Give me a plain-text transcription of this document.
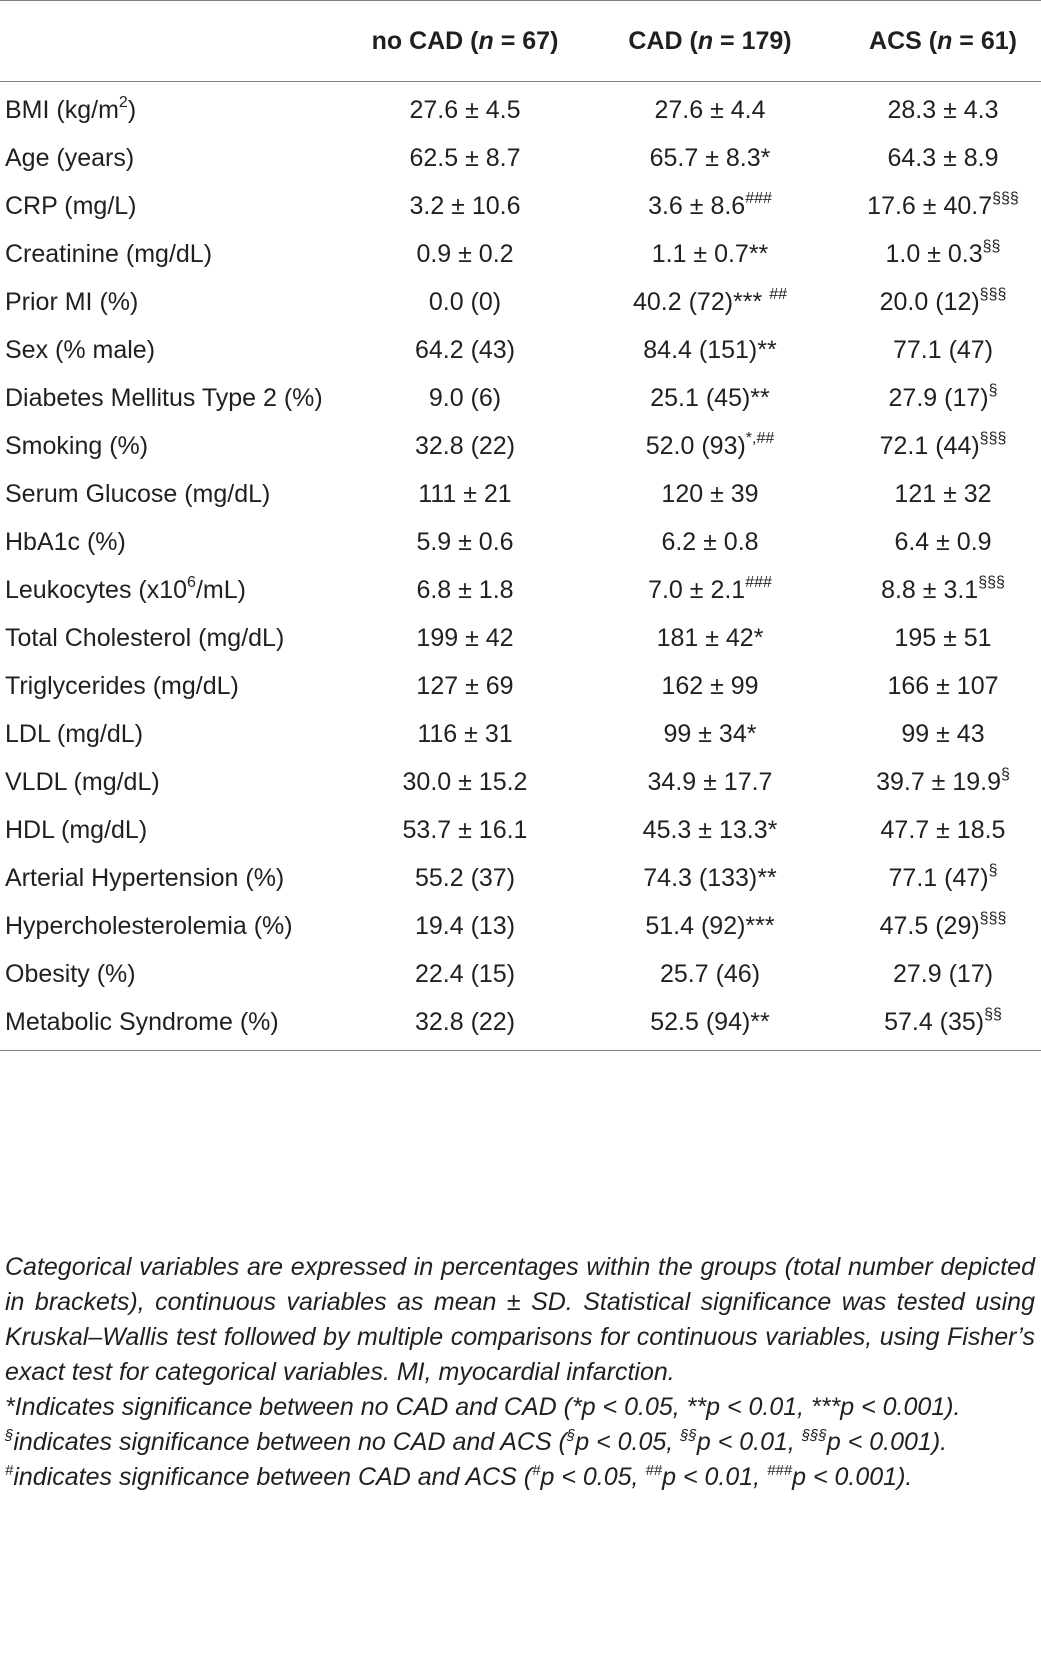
	no CAD (n = 67)	CAD (n = 179)	ACS (n = 61)
BMI $(kg/m^2)$	27.6 ± 4.5	27.6 ± 4.4	28.3 ± 4.3
Age (years)	62.5 ± 8.7	65.7 ± 8.3*	64.3 ± 8.9
CRP (mg/L)	3.2 ± 10.6	3.6 ± 8.6###	17.6 ± 40.7§§§
Creatinine (mg/dL)	0.9 ± 0.2	1.1 ± 0.7**	1.0 ± 0.3§§
Prior MI (%)	0.0 (0)	40.2 (72)*** ##	20.0 (12)§§§
Sex (% male)	64.2 (43)	84.4 (151)**	77.1 (47)
Diabetes Mellitus Type 2 (%)	9.0 (6)	25.1 (45)**	27.9 (17)§
Smoking (%)	32.8 (22)	52.0 (93)*,##	72.1 (44)§§§
Serum Glucose (mg/dL)	111 ± 21	120 ± 39	121 ± 32
HbA1c (%)	5.9 ± 0.6	6.2 ± 0.8	6.4 ± 0.9
Leukocytes $(x10^6/mL)$	6.8 ± 1.8	7.0 ± 2.1###	8.8 ± 3.1§§§
Total Cholesterol (mg/dL)	199 ± 42	181 ± 42*	195 ± 51
Triglycerides (mg/dL)	127 ± 69	162 ± 99	166 ± 107
LDL (mg/dL)	116 ± 31	99 ± 34*	99 ± 43
VLDL (mg/dL)	30.0 ± 15.2	34.9 ± 17.7	39.7 ± 19.9§
HDL (mg/dL)	53.7 ± 16.1	45.3 ± 13.3*	47.7 ± 18.5
Arterial Hypertension (%)	55.2 (37)	74.3 (133)**	77.1 (47)§
Hypercholesterolemia (%)	19.4 (13)	51.4 (92)***	47.5 (29)§§§
Obesity (%)	22.4 (15)	25.7 (46)	27.9 (17)
Metabolic Syndrome (%)	32.8 (22)	52.5 (94)**	57.4 (35)§§

Categorical variables are expressed in percentages within the groups (total number depicted in brackets), continuous variables as mean ± SD. Statistical significance was tested using Kruskal–Wallis test followed by multiple comparisons for continuous variables, using Fisher’s exact test for categorical variables. MI, myocardial infarction.

*Indicates significance between no CAD and CAD (*p < 0.05, **p < 0.01, ***p < 0.001).

§indicates significance between no CAD and ACS (§p < 0.05, §§p < 0.01, §§§p < 0.001).

#indicates significance between CAD and ACS (#p < 0.05, ##p < 0.01, ###p < 0.001).
